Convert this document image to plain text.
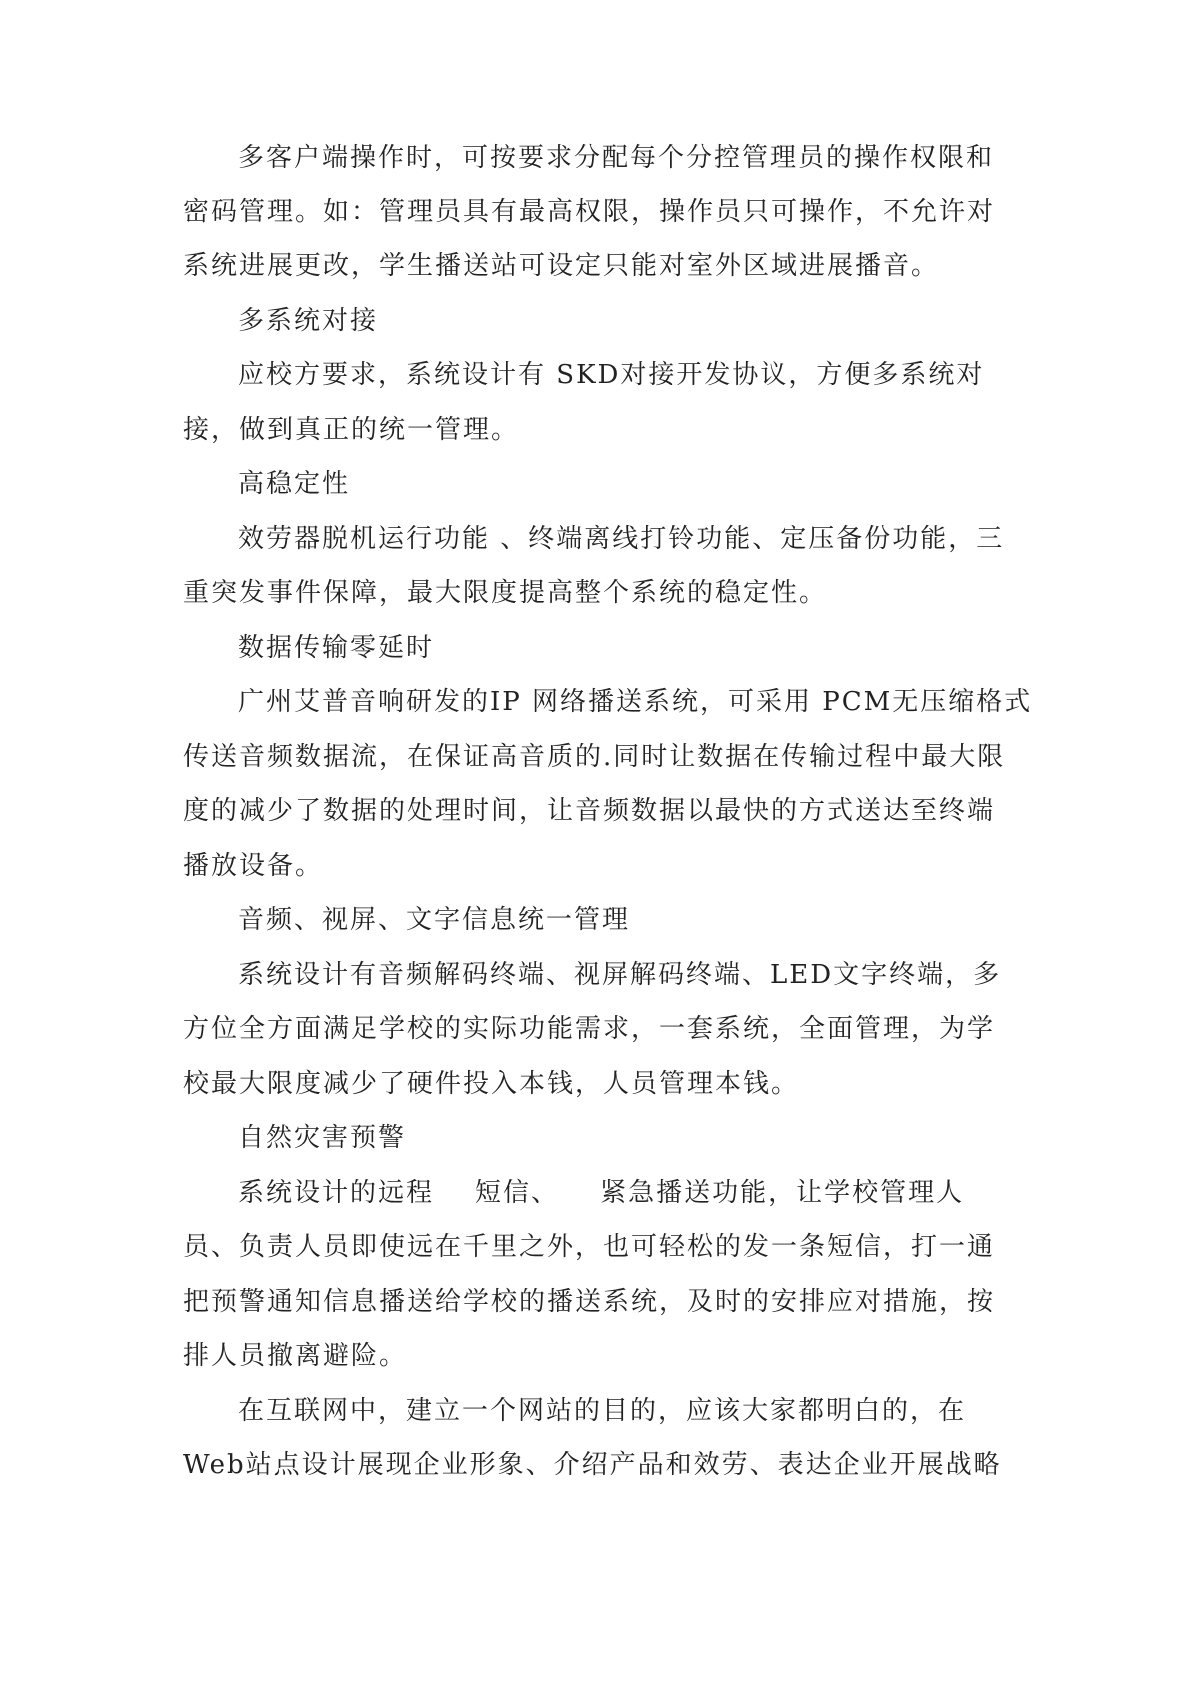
多客户端操作时，可按要求分配每个分控管理员的操作权限和
密码管理。如：管理员具有最高权限，操作员只可操作，不允许对
系统进展更改，学生播送站可设定只能对室外区域进展播音。
多系统对接
应校方要求，系统设计有 SKD对接开发协议，方便多系统对
接，做到真正的统一管理。
高稳定性
效劳器脱机运行功能 、终端离线打铃功能、定压备份功能，三
重突发事件保障，最大限度提高整个系统的稳定性。
数据传输零延时
广州艾普音响研发的IP 网络播送系统，可采用 PCM无压缩格式
传送音频数据流，在保证高音质的.同时让数据在传输过程中最大限
度的减少了数据的处理时间，让音频数据以最快的方式送达至终端
播放设备。
音频、视屏、文字信息统一管理
系统设计有音频解码终端、视屏解码终端、LED文字终端，多
方位全方面满足学校的实际功能需求，一套系统，全面管理，为学
校最大限度减少了硬件投入本钱，人员管理本钱。
自然灾害预警
系统设计的远程    短信、    紧急播送功能，让学校管理人
员、负责人员即使远在千里之外，也可轻松的发一条短信，打一通
把预警通知信息播送给学校的播送系统，及时的安排应对措施，按
排人员撤离避险。
在互联网中，建立一个网站的目的，应该大家都明白的，在
Web站点设计展现企业形象、介绍产品和效劳、表达企业开展战略
